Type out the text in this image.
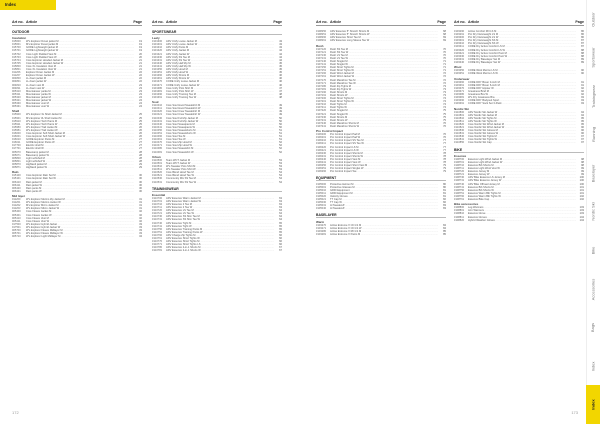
Index
Art no. Article	Page
OUTDOOR
Insulation
915600	W's Explorer Duvet jacket M .....	19
915601	M's Explorer Duvet jacket M .....	19
915700	GORE Lightweight jacket M .....	19
915701	GORE Lightweight jacket W .....	19
915702	Core Light Padded Vest M .....	20
915703	Core Light Padded Vest W .....	20
915704	Core Explorer Hooded Jacket M .....	21
915705	Core Explorer Hooded Jacket W .....	21
915800	Core XL Insulation Vest M .....	21
915801	Core XL Insulation Vest W .....	21
911206	Explorer Down Jacket M .....	22
911207	Explorer Down Jacket W .....	22
904800	LL down jacket M .....	22
904801	LL down jacket W .....	22
904810	LL down vest M .....	23
904811	LL down vest W .....	23
905310	Mountaineer parka M .....	23
905311	Mountaineer parka W .....	23
905320	Mountaineer jacket M .....	24
905321	Mountaineer jacket W .....	24
905330	Mountaineer vest M .....	24
905331	Mountaineer vest W .....	24
Shell
915900	W's Explorer 3L Shell Jacket M .....	25
915901	M's Explorer 3L Shell Jacket M .....	25
915910	W's Explorer Tech Pants M .....	25
915911	W's Explorer Tech Pants W .....	25
915950	W's Explorer Trail Jacket M .....	26
915951	W's Explorer Trail Jacket W .....	26
916000	Core Explorer Soft Shell Jacket M .....	26
916001	Core Explorer Soft Shell Jacket W .....	26
916010	GORE Explorer Pants M .....	27
916011	GORE Explorer Pants W .....	27
917700	Electric shell M .....	27
917701	Electric shell W .....	27
905070	Basecamp jacket M .....	28
905071	Basecamp jacket W .....	28
905800	Light softshell M .....	28
905801	Light softshell W .....	28
905870	Highland jacket M .....	29
905871	Highland jacket W .....	29
Rain
915100	Core Explorer Rain Set M .....	30
915101	Core Explorer Rain Set W .....	30
906410	Rain jacket M .....	30
906411	Rain jacket W .....	30
906420	Rain pants M .....	30
906421	Rain pants W .....	30
Mid layer
911200	W's Explorer Merino Zip Jacket M .....	31
911201	W's Explorer Merino Jacket W .....	31
911202	M's Explorer Micro Jacket M .....	31
911203	W's Explorer Micro Jacket W .....	31
905400	Core Fleece Jacket M .....	32
905401	Core Fleece Jacket W .....	32
905410	Core Fleece Vest M .....	32
905411	Core Fleece Vest W .....	32
917500	W's Explorer Hybrid Jacket .....	33
917501	W's Explorer Hybrid Jacket W .....	33
905700	W's Explorer Fleece Midlayer M .....	33
905701	W's Explorer Fleece Midlayer W .....	33
905710	W's Explorer Light Midlayer M .....	34
Art no. Article	Page
SPORTSWEAR
Leely
1901300	ADV Unify Loose Jacket M .....	43
1901301	ADV Unify Loose Jacket W .....	43
1901310	ADV Unify Pants M .....	43
1901320	ADV Unify Jacket M .....	44
1901321	ADV Unify Jacket W .....	44
1901330	ADV Unify SS Tee M .....	44
1901331	ADV Unify SS Tee W .....	44
1901340	ADV Unify Half Zip M .....	45
1901341	ADV Unify Half Zip W .....	45
1901350	ADV Unify Hood M .....	45
1901351	ADV Unify Hood W .....	45
1901360	ADV Unify Shorts M .....	46
1901361	ADV Unify Shorts W .....	46
1901370	CORE Unify Loose Jacket M .....	46
1901371	CORE Unify Loose Jacket W .....	46
1901380	Core Unify Polo Shirt M .....	47
1901381	Core Unify Polo Shirt W .....	47
1901390	Core Unify Training Tee M .....	48
1901391	Core Unify Training Tee W .....	48
Soul
1910410	Core Soul Hood Sweatshirt M .....	49
1910411	Core Soul Hood Sweatshirt W .....	49
1910420	Core Soul Crew Sweatshirt M .....	49
1910421	Core Soul Crew Sweatshirt W .....	49
1910430	Core Soul Full Zip Jacket M .....	50
1910431	Core Soul Full Zip Jacket W .....	50
1910440	Core Soul Sweatpants M .....	50
1910441	Core Soul Sweatpants W .....	50
1910450	Core Soul Sweatshorts M .....	51
1910451	Core Soul Sweatshorts W .....	51
1910460	Core Soul Tee M .....	51
1910461	Core Soul Tee W .....	51
1910470	Core Soul Zip Hood M .....	52
1910471	Core Soul Zip Hood W .....	52
1910480	Core Soul Sweatshirt M .....	52
1910481	Core Soul Sweatshirt W .....	52
Urban
1910500	Team WCT Jacket M .....	53
1910501	Team WCT Jacket W .....	53
1910510	W's Sweater Polo Shirt M .....	53
1910511	W's Sweater Polo Shirt W .....	53
1910520	Core Blend Hood Tee M .....	54
1910521	Core Blend Hood Tee W .....	54
1910530	Community Mix SS Tee M .....	54
1910531	Community Mix SS Tee W .....	54
TRAININGWEAR
Essential
1910700	ADV Essence Warm Jacket M .....	63
1910701	ADV Essence Warm Jacket W .....	63
1910710	ADV Essence 2 Tee M .....	63
1910711	ADV Essence 2 Tee W .....	63
1910720	ADV Essence LS Tee M .....	64
1910721	ADV Essence LS Tee W .....	64
1910730	ADV Essence SS Slim Tee M .....	64
1910731	ADV Essence SS Slim Tee W .....	64
1910740	ADV Essence Tight M .....	65
1910741	ADV Essence Tight W .....	65
1910750	ADV Essence Training Pants M .....	65
1910751	ADV Essence Training Pants W .....	65
1910760	ADV Charge Zip Tights M .....	66
1910761	ADV Essence Short Tights W .....	66
1910770	ADV Essence Short Tights M .....	66
1910771	ADV Essence Short Tights LS .....	66
1910780	ADV Essence 2-in-1 Shorts M .....	67
1910781	ADV Essence 2-in-1 Shorts W .....	67
Art no. Article	Page
1908250	ADV Essence 5" Stretch Shorts M .....	68
1908251	ADV Essence 5" Stretch Shorts W .....	68
1908260	ADV Essence Short Tee M .....	69
1908261	ADV Essence Long Sleeve Tee W .....	69
Rush
1907120	Rush SS Tee M .....	70
1907121	Rush SS Tee W .....	70
1907130	Rush LS Tee M .....	70
1907131	Rush LS Tee W .....	70
1907140	Rush Singlet M .....	71
1907141	Rush Singlet W .....	71
1907150	Rush Short Tights M .....	71
1907151	Rush Short Tights W .....	71
1907160	Rush Wind Jacket M .....	72
1907161	Rush Wind Jacket W .....	72
1907170	Rush Marathon Tee M .....	72
1907171	Rush Marathon Tee W .....	72
1907180	Rush Zip Tights M .....	73
1907181	Rush Zip Tights W .....	73
1907190	Rush Shorts M .....	73
1907191	Rush Shorts W .....	73
1907200	Rush Short Tights M .....	74
1907201	Rush Short Tights W .....	74
1907210	Rush Tights M .....	74
1907211	Rush Tights W .....	74
1907220	Rush Singlet M .....	75
1907221	Rush Singlet W .....	75
1907230	Rush Shorts M .....	75
1907231	Rush Shorts W .....	75
1907240	Rush Marathon Shorts M .....	76
1907241	Rush Marathon Shorts W .....	76
Pro Control Impact
1906200	Pro Control Impact Pad M .....	76
1906201	Pro Control Impact Pad W .....	76
1906210	Pro Control Impact SS Tee M .....	77
1906211	Pro Control Impact SS Tee W .....	77
1906220	Pro Control Impact LS M .....	77
1906221	Pro Control Impact LS W .....	77
1906230	Pro Control Impact Shorts M .....	78
1906231	Pro Control Impact Shorts W .....	78
1906240	Pro Control Impact Vest M .....	78
1906241	Pro Control Impact Vest W .....	78
1906250	Pro Control Impact Short Vest M .....	79
1906251	Pro Control Impact Singlet W .....	79
1906260	Pro Control Impact Tee .....	79
EQUIPMENT
1905000	Protective Helmet M .....	80
1905001	Protective Glasses M .....	80
1905010	GRID Equipment .....	81
1905011	GRID Equipment M .....	81
1905020	Velocity Gloves .....	81
1905021	TT Cap M .....	82
1905030	TT Cap W .....	82
1905031	Al Sweatcuff .....	83
1905040	Al Sweatcuff .....	83
BASELAYER
Warm
1903270	Active Extreme X CN LS M .....	84
1903271	Active Extreme X CN LS W .....	84
1903280	Active Extreme X RN LS M .....	85
1903281	Active Extreme X Pants M .....	85
Art no. Article	Page
1903290	Active Comfort RN LS M .....	86
1903291	Pro Dry Nanoweight LS M .....	86
1903300	Pro Dry Nanoweight LS W .....	86
1903301	Pro Dry Nanoweight SS M .....	87
1903310	Pro Dry Nanoweight SS W .....	87
1903311	CORE Dry Active Comfort LS M .....	87
1903320	CORE Dry Active Comfort LS W .....	88
1903321	CORE Dry Active Comfort Pant M .....	88
1903330	CORE Dry Active Comfort Pant W .....	88
1903331	CORE Dry Baselayer Set M .....	89
1903340	CORE Dry Baselayer Set W .....	89
Wool
1903350	CORE Wool Merino LS M .....	90
1903351	CORE Wool Merino LS W .....	90
Underwear
1903360	CORE DRY Boxer 3-inch M .....	91
1903361	CORE DRY Boxer 6-inch M .....	91
1903370	CORE DRY Hipster W .....	92
1903371	Greatness Brief M .....	92
1903380	Greatness Bra W .....	92
1903381	W's Dry Greatness Bra .....	93
1903390	CORE DRY Bodysuit Sport .....	93
1903391	CORE DRY Sock Set 3-Pack .....	93
Nordic Ski
1910800	ADV Nordic Ski Jacket W .....	94
1910801	ADV Nordic Ski Jacket M .....	94
1910810	ADV Nordic Ski Tights M .....	95
1910811	ADV Nordic Ski Tights W .....	95
1910820	Core Nordic Ski Wind Jacket M .....	95
1910821	Core Nordic Ski Wind Jacket W .....	96
1910830	Core Nordic Ski Gloves M .....	96
1910831	Core Nordic Ski Gloves W .....	96
1910840	Core Nordic Ski Tights M .....	97
1910841	Core Nordic Ski Tights W .....	97
1910850	Core Nordic Ski Cap .....	97
BIKE
Essence
1908700	Essence Light Wind Jacket M .....	98
1908701	Essence Light Wind Jacket W .....	98
1908710	Essence Bib Shorts M .....	98
1908711	Essence Light Wool Vest W .....	99
1908720	Essence Jersey M .....	99
1908721	Essence Jersey W .....	99
1908730	ADV Bike Essence LS Jersey M .....	100
1908731	ADV Bike Essence Jersey W .....	100
1908740	ADV Bike Offroad Jersey M .....	100
1908741	Essence Bib Shorts M .....	101
1908750	Essence Bib Shorts W .....	101
1908751	Essence Warm Bib Tights M .....	101
1908760	Essence Warm Bib Tights W .....	102
1908761	Essence Bike Cap .....	102
Bike accessories
1908800	Leg Warmers .....	103
1908801	Arm Warmers .....	103
1908810	Essence Glove .....	103
1908811	Essence Gloves .....	104
1908820	Hybrid Weather Gloves .....	104
172	173
Outdoor
Sportswear
Trainingwear
Running
Baselayer
Nordic Ski
Bike
Accessories
Bags
Index
Index
